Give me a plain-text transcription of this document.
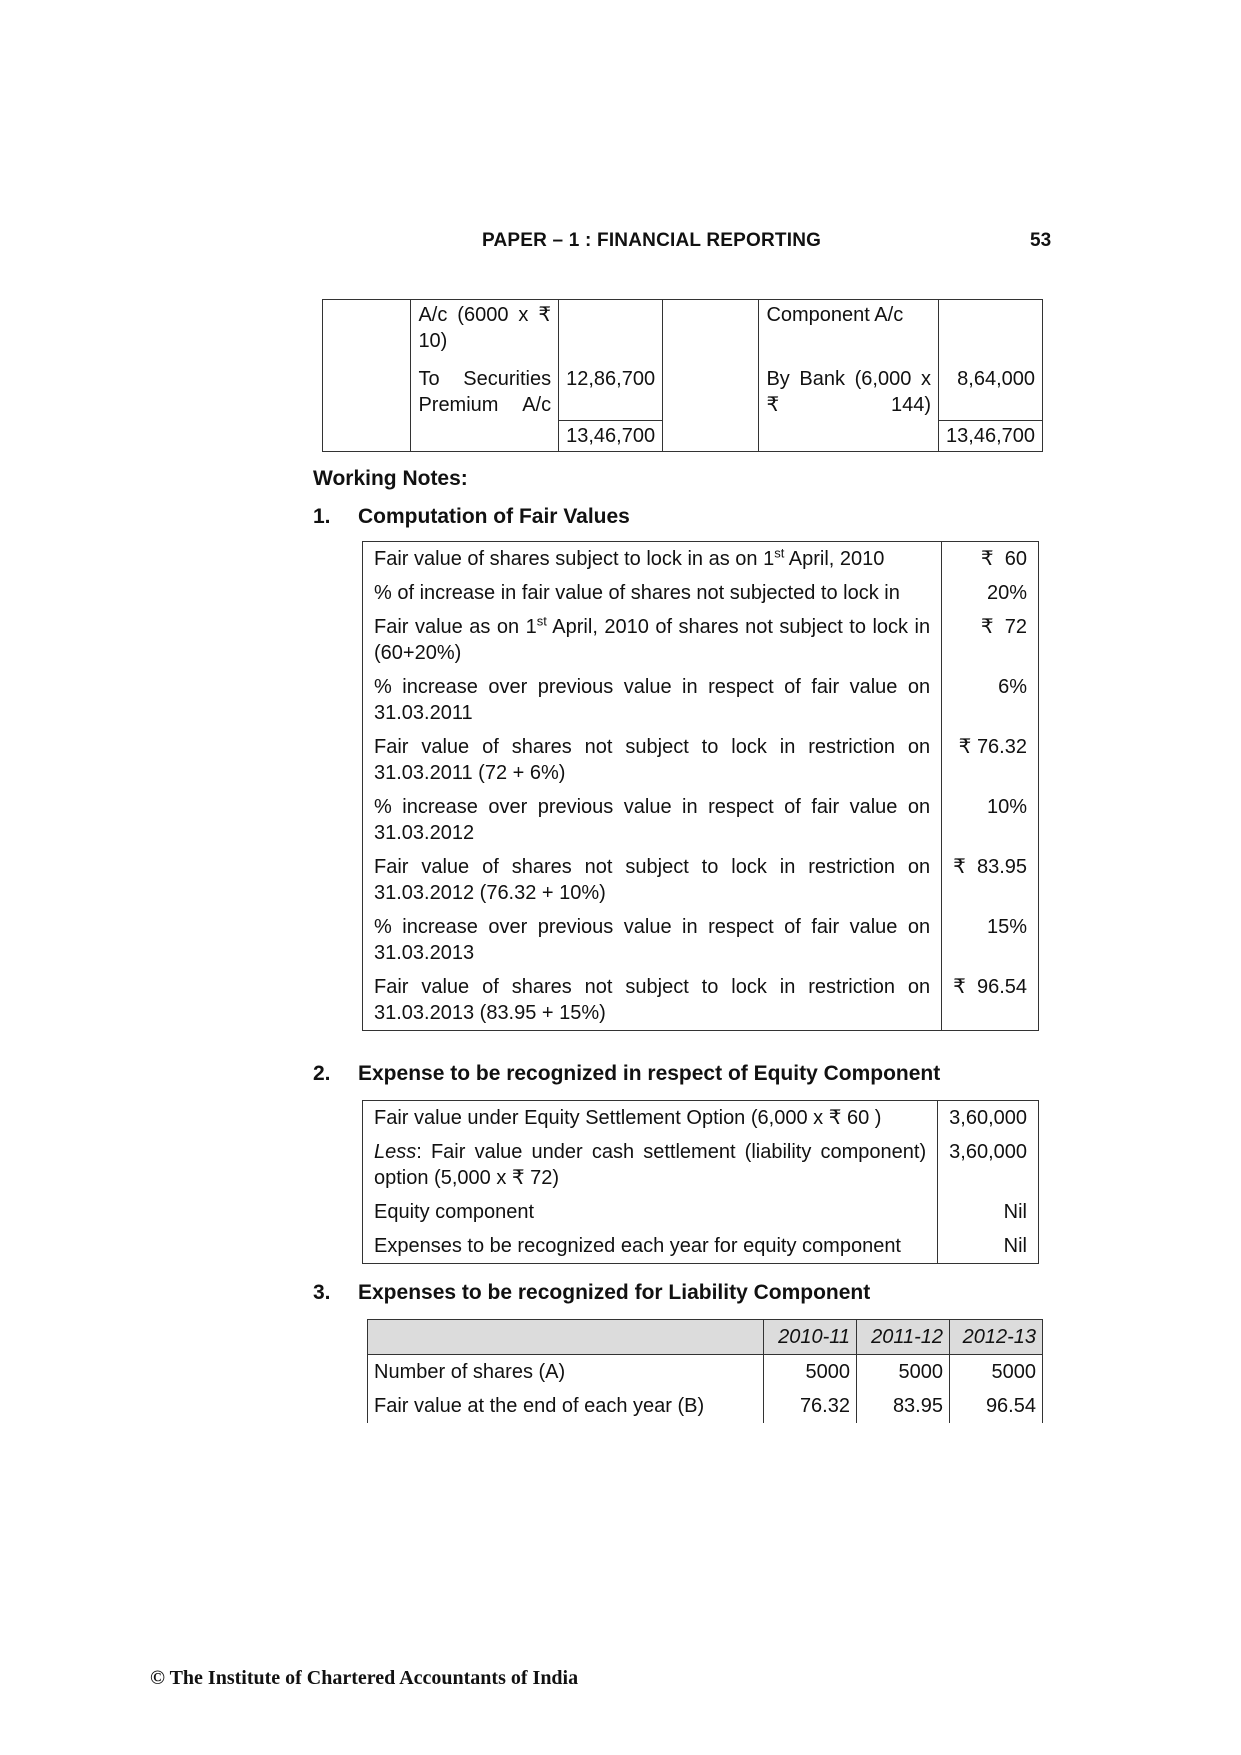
PAPER – 1 : FINANCIAL REPORTING	53
	A/c (6000 x ₹ 10)			Component A/c	
	To Securities Premium A/c	12,86,700		By Bank (6,000 x ₹ 144)	8,64,000
		13,46,700			13,46,700
Working Notes:
1. Computation of Fair Values
Fair value of shares subject to lock in as on 1st April, 2010	₹  60
% of increase in fair value of shares not subjected to lock in	20%
Fair value as on 1st April, 2010 of shares not subject to lock in (60+20%)	₹  72
% increase over previous value in respect of fair value on 31.03.2011	6%
Fair value of shares not subject to lock in restriction on 31.03.2011 (72 + 6%)	₹ 76.32
% increase over previous value in respect of fair value on 31.03.2012	10%
Fair value of shares not subject to lock in restriction on 31.03.2012 (76.32 + 10%)	₹  83.95
% increase over previous value in respect of fair value on 31.03.2013	15%
Fair value of shares not subject to lock in restriction on 31.03.2013 (83.95 + 15%)	₹  96.54
2. Expense to be recognized in respect of Equity Component
Fair value under Equity Settlement Option (6,000 x ₹ 60 )	3,60,000
Less: Fair value under cash settlement (liability component) option (5,000 x ₹ 72)	3,60,000
Equity component	Nil
Expenses to be recognized each year for equity component	Nil
3. Expenses to be recognized for Liability Component
	2010-11	2011-12	2012-13
Number of shares (A)	5000	5000	5000
Fair value at the end of each year (B)	76.32	83.95	96.54
© The Institute of Chartered Accountants of India
